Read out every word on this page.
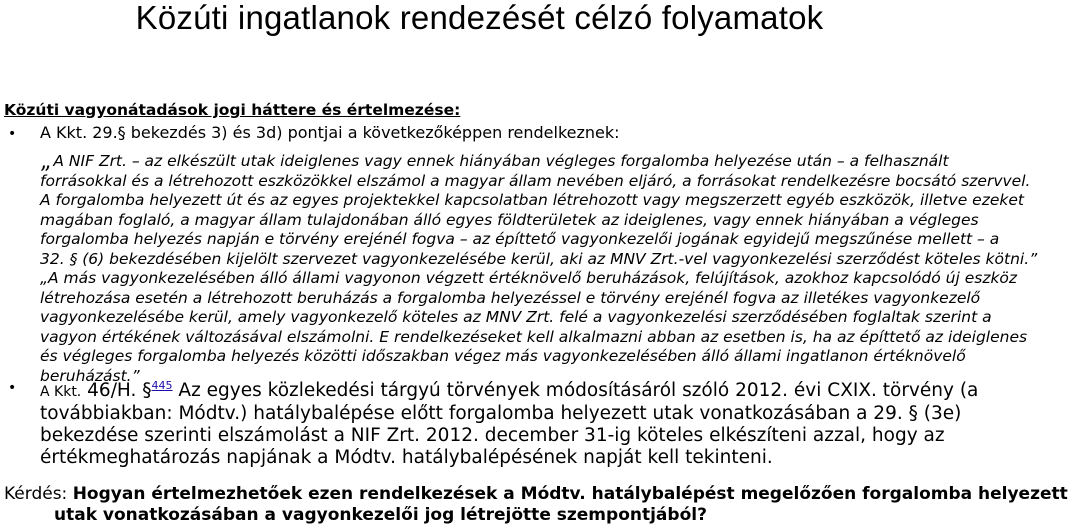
Közúti ingatlanok rendezését célzó folyamatok
Közúti vagyonátadások jogi háttere és értelmezése:
• A Kkt. 29.§ bekezdés 3) és 3d) pontjai a következőképpen rendelkeznek:

„ A NIF Zrt. – az elkészült utak ideiglenes vagy ennek hiányában végleges forgalomba helyezése után – a felhasznált

forrásokkal és a létrehozott eszközökkel elszámol a magyar állam nevében eljáró, a forrásokat rendelkezésre bocsátó szervvel.

A forgalomba helyezett út és az egyes projektekkel kapcsolatban létrehozott vagy megszerzett egyéb eszközök, illetve ezeket

magában foglaló, a magyar állam tulajdonában álló egyes földterületek az ideiglenes, vagy ennek hiányában a végleges

forgalomba helyezés napján e törvény erejénél fogva – az építtető vagyonkezelői jogának egyidejű megszűnése mellett – a

32. § (6) bekezdésében kijelölt szervezet vagyonkezelésébe kerül, aki az MNV Zrt.-vel vagyonkezelési szerződést köteles kötni.”

„A más vagyonkezelésében álló állami vagyonon végzett értéknövelő beruházások, felújítások, azokhoz kapcsolódó új eszköz

létrehozása esetén a létrehozott beruházás a forgalomba helyezéssel e törvény erejénél fogva az illetékes vagyonkezelő

vagyonkezelésébe kerül, amely vagyonkezelő köteles az MNV Zrt. felé a vagyonkezelési szerződésében foglaltak szerint a

vagyon értékének változásával elszámolni. E rendelkezéseket kell alkalmazni abban az esetben is, ha az építtető az ideiglenes

és végleges forgalomba helyezés közötti időszakban végez más vagyonkezelésében álló állami ingatlanon értéknövelő

beruházást.”

• A Kkt. 46/H. §$^{445}$ Az egyes közlekedési tárgyú törvények módosításáról szóló 2012. évi CXIX. törvény (a

továbbiakban: Módtv.) hatálybalépése előtt forgalomba helyezett utak vonatkozásában a 29. § (3e)

bekezdése szerinti elszámolást a NIF Zrt. 2012. december 31-ig köteles elkészíteni azzal, hogy az

értékmeghatározás napjának a Módtv. hatálybalépésének napját kell tekinteni.

Kérdés: Hogyan értelmezhetőek ezen rendelkezések a Módtv. hatálybalépést megelőzően forgalomba helyezett

utak vonatkozásában a vagyonkezelői jog létrejötte szempontjából?
